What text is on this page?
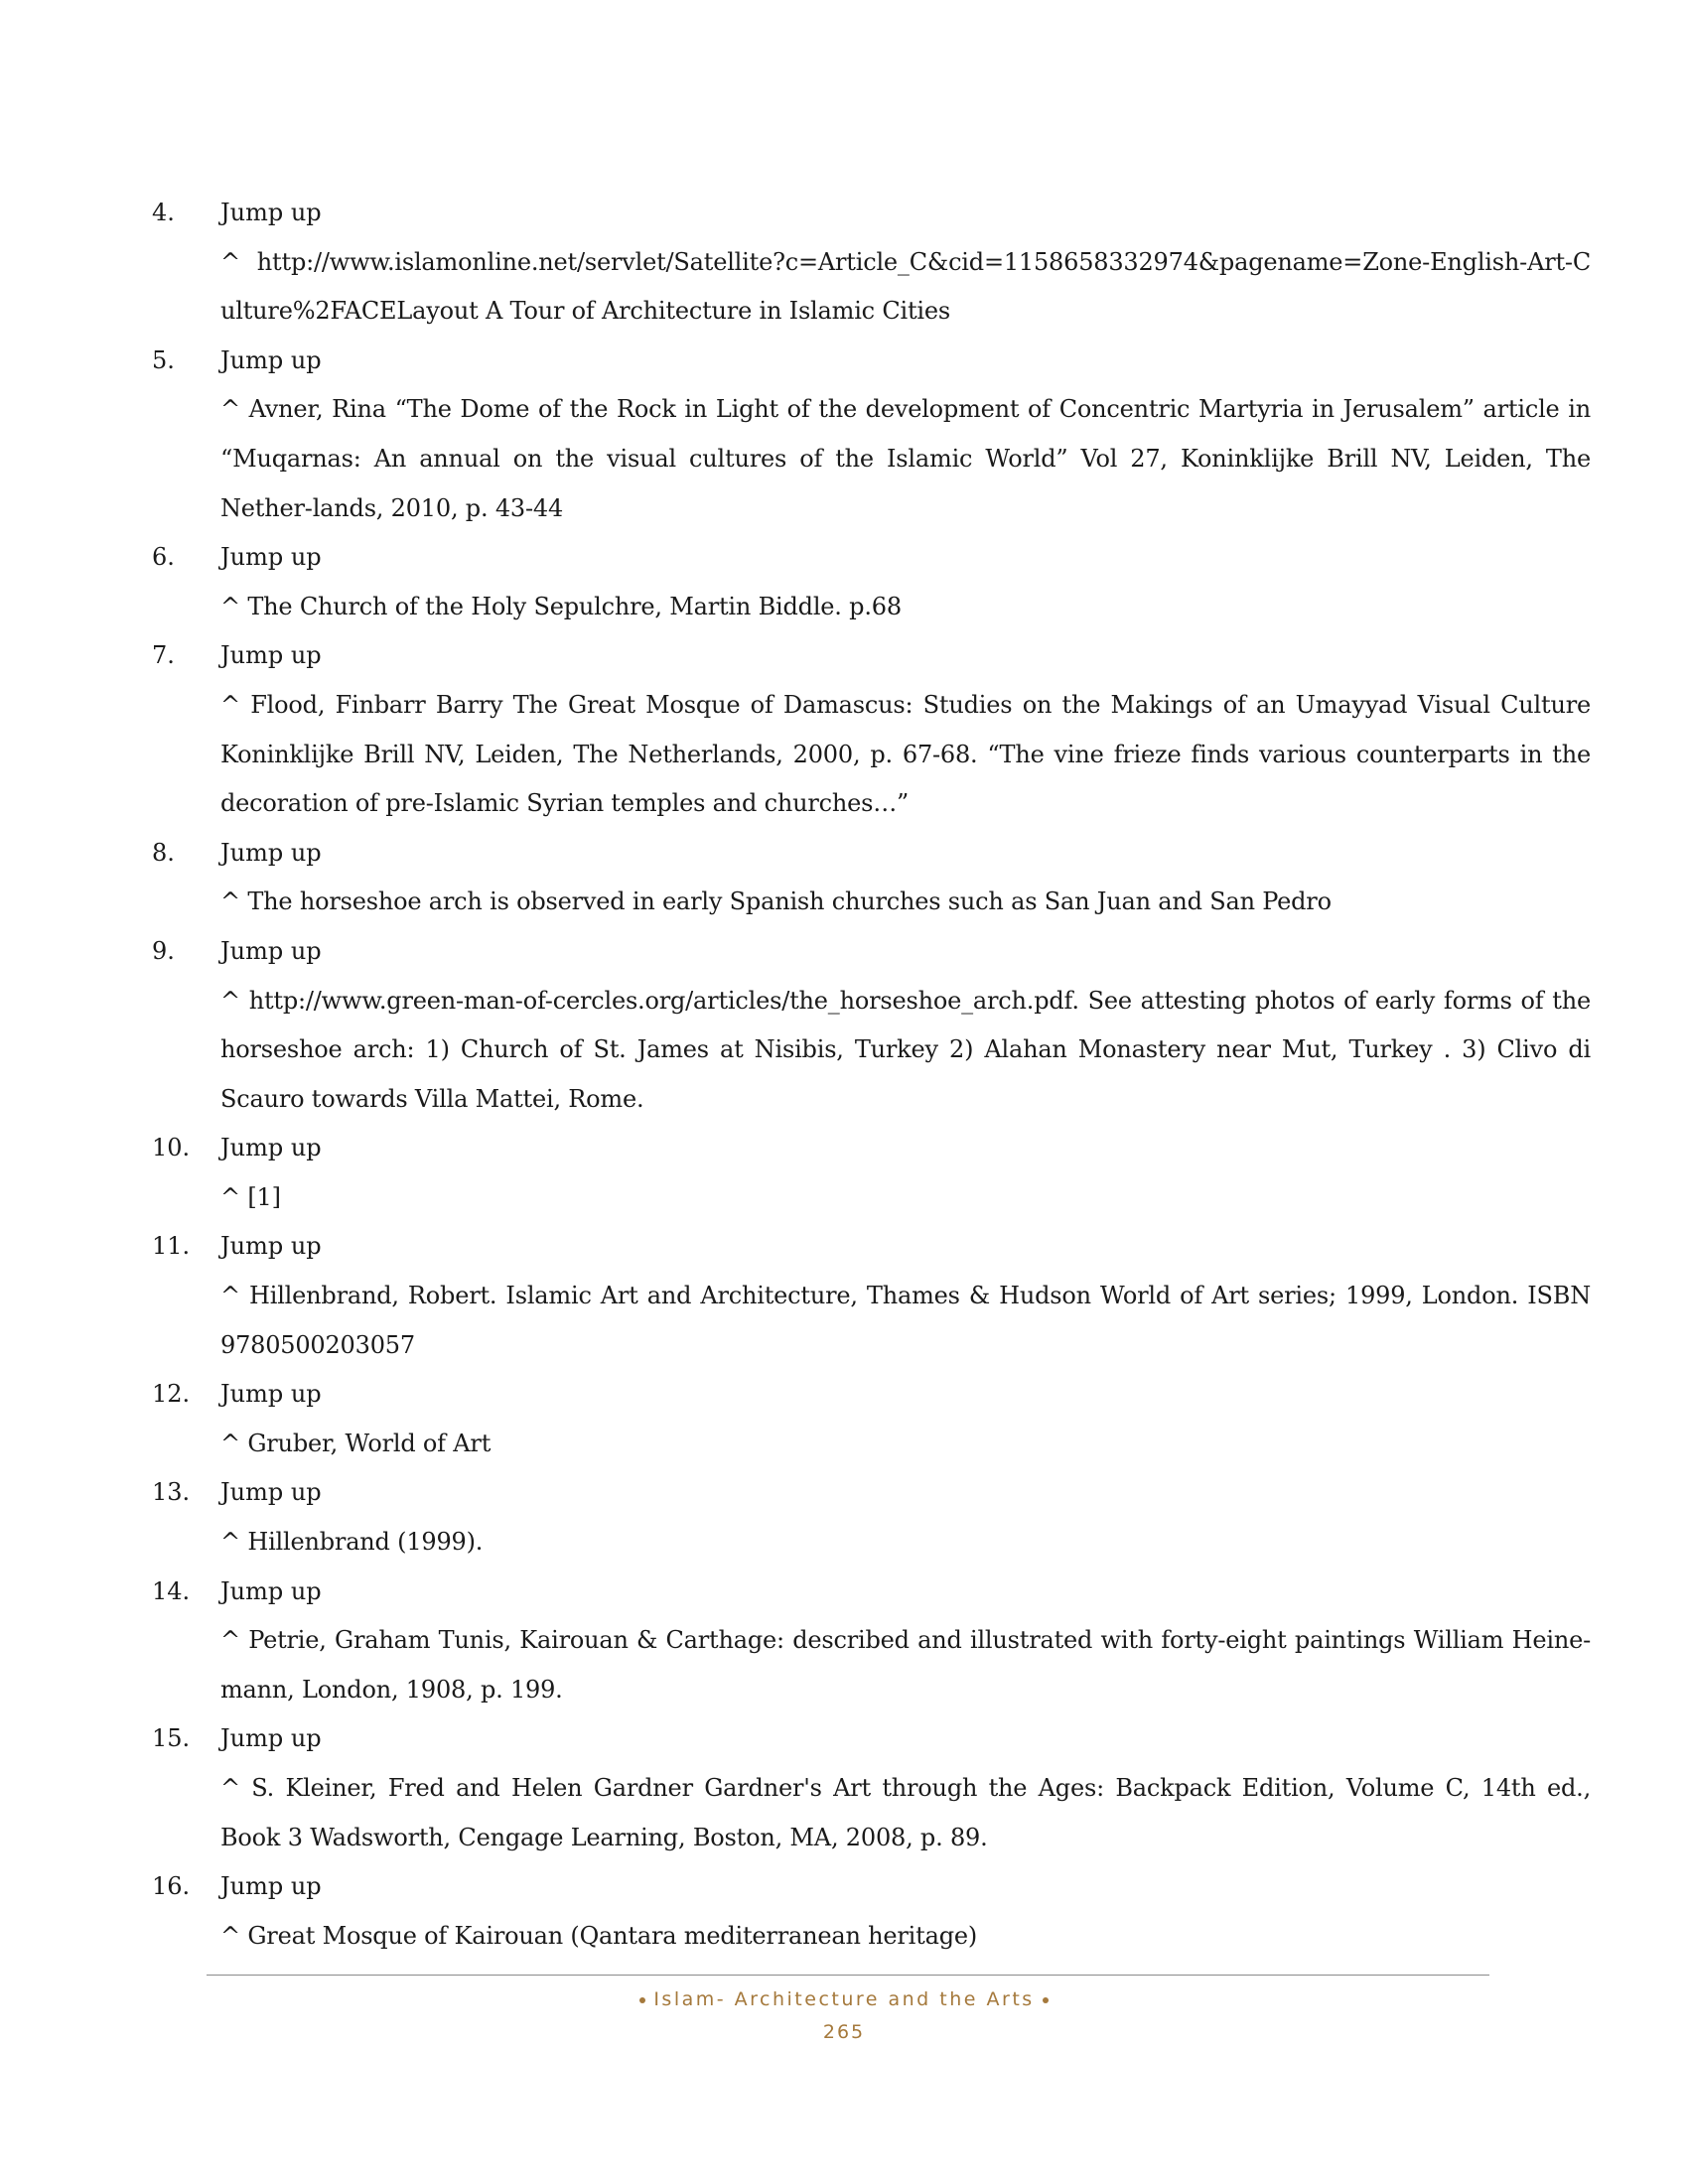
4. Jump up
^ http://www.islamonline.net/servlet/Satellite?c=Article_C&cid=1158658332974&pagename=Zone-English-Art-Culture%2FACELayout A Tour of Architecture in Islamic Cities
5. Jump up
^ Avner, Rina “The Dome of the Rock in Light of the development of Concentric Martyria in Jerusalem” article in “Muqarnas: An annual on the visual cultures of the Islamic World” Vol 27, Koninklijke Brill NV, Leiden, The Nether-lands, 2010, p. 43-44
6. Jump up
^ The Church of the Holy Sepulchre, Martin Biddle. p.68
7. Jump up
^ Flood, Finbarr Barry The Great Mosque of Damascus: Studies on the Makings of an Umayyad Visual Culture Koninklijke Brill NV, Leiden, The Netherlands, 2000, p. 67-68. “The vine frieze finds various counterparts in the decoration of pre-Islamic Syrian temples and churches…”
8. Jump up
^ The horseshoe arch is observed in early Spanish churches such as San Juan and San Pedro
9. Jump up
^ http://www.green-man-of-cercles.org/articles/the_horseshoe_arch.pdf. See attesting photos of early forms of the horseshoe arch: 1) Church of St. James at Nisibis, Turkey 2) Alahan Monastery near Mut, Turkey . 3) Clivo di Scauro towards Villa Mattei, Rome.
10. Jump up
^ [1]
11. Jump up
^ Hillenbrand, Robert. Islamic Art and Architecture, Thames & Hudson World of Art series; 1999, London. ISBN 9780500203057
12. Jump up
^ Gruber, World of Art
13. Jump up
^ Hillenbrand (1999).
14. Jump up
^ Petrie, Graham Tunis, Kairouan & Carthage: described and illustrated with forty-eight paintings William Heine-mann, London, 1908, p. 199.
15. Jump up
^ S. Kleiner, Fred and Helen Gardner Gardner's Art through the Ages: Backpack Edition, Volume C, 14th ed., Book 3 Wadsworth, Cengage Learning, Boston, MA, 2008, p. 89.
16. Jump up
^ Great Mosque of Kairouan (Qantara mediterranean heritage)
Islam- Architecture and the Arts
265
